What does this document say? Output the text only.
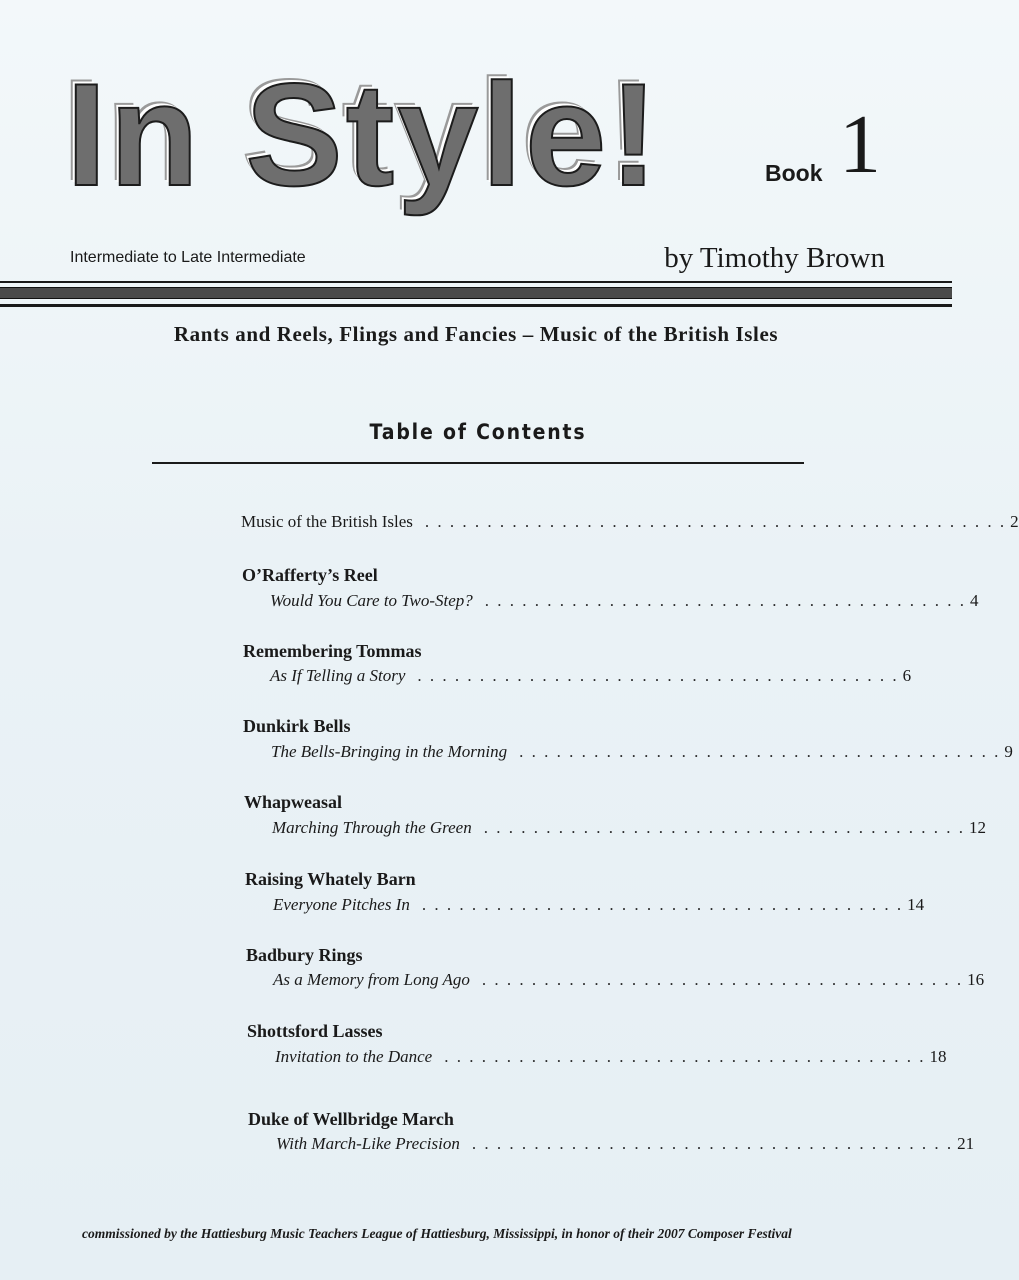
In Style!	Book 1
Intermediate to Late Intermediate	by Timothy Brown
Rants and Reels, Flings and Fancies – Music of the British Isles
Table of Contents
Music of the British Isles . . . . . . . . . . . . . . . . . . . . . . . . . . . . . . . . . . . . . . . . . . . . . . . 2
O’Rafferty’s Reel
Would You Care to Two-Step? . . . . . . . . . . . . . . . . . . . . . . . . . . . . . . . . . . . . . . . 4
Remembering Tommas
As If Telling a Story . . . . . . . . . . . . . . . . . . . . . . . . . . . . . . . . . . . . . . . 6
Dunkirk Bells
The Bells-Bringing in the Morning . . . . . . . . . . . . . . . . . . . . . . . . . . . . . . . . . . . . . . . 9
Whapweasal
Marching Through the Green . . . . . . . . . . . . . . . . . . . . . . . . . . . . . . . . . . . . . . . 12
Raising Whately Barn
Everyone Pitches In . . . . . . . . . . . . . . . . . . . . . . . . . . . . . . . . . . . . . . . 14
Badbury Rings
As a Memory from Long Ago . . . . . . . . . . . . . . . . . . . . . . . . . . . . . . . . . . . . . . . 16
Shottsford Lasses
Invitation to the Dance . . . . . . . . . . . . . . . . . . . . . . . . . . . . . . . . . . . . . . . 18
Duke of Wellbridge March
With March-Like Precision . . . . . . . . . . . . . . . . . . . . . . . . . . . . . . . . . . . . . . . 21
commissioned by the Hattiesburg Music Teachers League of Hattiesburg, Mississippi, in honor of their 2007 Composer Festival
